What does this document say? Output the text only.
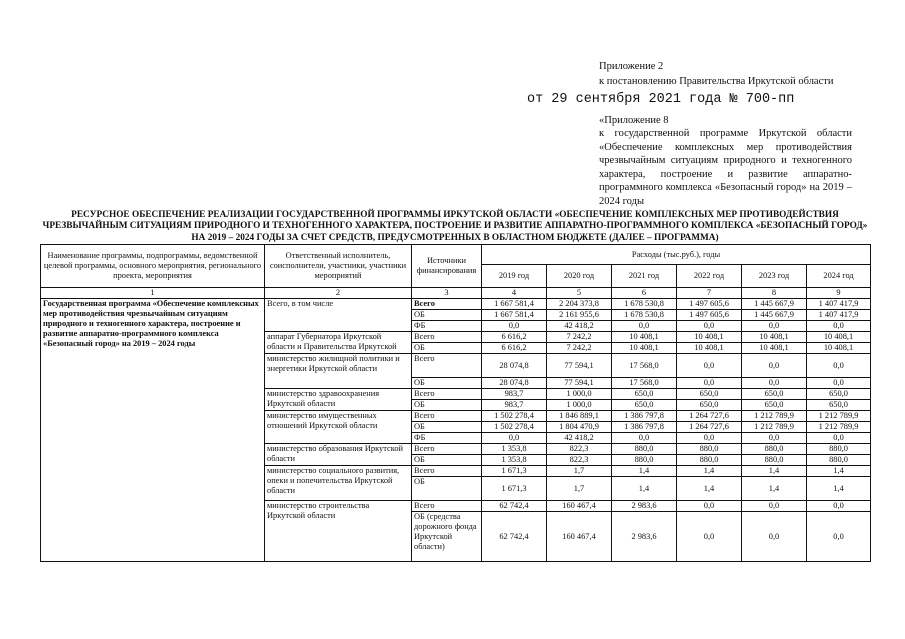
Приложение 2
к постановлению Правительства Иркутской области
от 29 сентября 2021 года № 700-пп
«Приложение 8
к государственной программе Иркутской области «Обеспечение комплексных мер противодействия чрезвычайным ситуациям природного и техногенного характера, построение и развитие аппаратно-программного комплекса «Безопасный город» на 2019 – 2024 годы
РЕСУРСНОЕ ОБЕСПЕЧЕНИЕ РЕАЛИЗАЦИИ ГОСУДАРСТВЕННОЙ ПРОГРАММЫ ИРКУТСКОЙ ОБЛАСТИ «ОБЕСПЕЧЕНИЕ КОМПЛЕКСНЫХ МЕР ПРОТИВОДЕЙСТВИЯ ЧРЕЗВЫЧАЙНЫМ СИТУАЦИЯМ ПРИРОДНОГО И ТЕХНОГЕННОГО ХАРАКТЕРА, ПОСТРОЕНИЕ И РАЗВИТИЕ АППАРАТНО-ПРОГРАММНОГО КОМПЛЕКСА «БЕЗОПАСНЫЙ ГОРОД» НА 2019 – 2024 ГОДЫ ЗА СЧЕТ СРЕДСТВ, ПРЕДУСМОТРЕННЫХ В ОБЛАСТНОМ БЮДЖЕТЕ (ДАЛЕЕ – ПРОГРАММА)
Наименование программы, подпрограммы, ведомственной целевой программы, основного мероприятия, регионального проекта, мероприятия	Ответственный исполнитель, соисполнители, участники, участники мероприятий	Источники финансирования	Расходы (тыс.руб.), годы					
			2019 год	2020 год	2021 год	2022 год	2023 год	2024 год
1	2	3	4	5	6	7	8	9
Государственная программа «Обеспечение комплексных мер противодействия чрезвычайным ситуациям природного и техногенного характера, построение и развитие аппаратно-программного комплекса «Безопасный город» на 2019 – 2024 годы	Всего, в том числе	Всего	1 667 581,4	2 204 373,8	1 678 530,8	1 497 605,6	1 445 667,9	1 407 417,9
		ОБ	1 667 581,4	2 161 955,6	1 678 530,8	1 497 605,6	1 445 667,9	1 407 417,9
		ФБ	0,0	42 418,2	0,0	0,0	0,0	0,0
	аппарат Губернатора Иркутской области и Правительства Иркутской	Всего	6 616,2	7 242,2	10 408,1	10 408,1	10 408,1	10 408,1
		ОБ	6 616,2	7 242,2	10 408,1	10 408,1	10 408,1	10 408,1
	министерство жилищной политики и энергетики Иркутской области	Всего	28 074,8	77 594,1	17 568,0	0,0	0,0	0,0
		ОБ	28 074,8	77 594,1	17 568,0	0,0	0,0	0,0
	министерство здравоохранения Иркутской области	Всего	983,7	1 000,0	650,0	650,0	650,0	650,0
		ОБ	983,7	1 000,0	650,0	650,0	650,0	650,0
	министерство имущественных отношений Иркутской области	Всего	1 502 278,4	1 846 889,1	1 386 797,8	1 264 727,6	1 212 789,9	1 212 789,9
		ОБ	1 502 278,4	1 804 470,9	1 386 797,8	1 264 727,6	1 212 789,9	1 212 789,9
		ФБ	0,0	42 418,2	0,0	0,0	0,0	0,0
	министерство образования Иркутской области	Всего	1 353,8	822,3	880,0	880,0	880,0	880,0
		ОБ	1 353,8	822,3	880,0	880,0	880,0	880,0
	министерство социального развития, опеки и попечительства Иркутской области	Всего	1 671,3	1,7	1,4	1,4	1,4	1,4
		ОБ	1 671,3	1,7	1,4	1,4	1,4	1,4
	министерство строительства Иркутской области	Всего	62 742,4	160 467,4	2 983,6	0,0	0,0	0,0
		ОБ (средства дорожного фонда Иркутской области)	62 742,4	160 467,4	2 983,6	0,0	0,0	0,0
